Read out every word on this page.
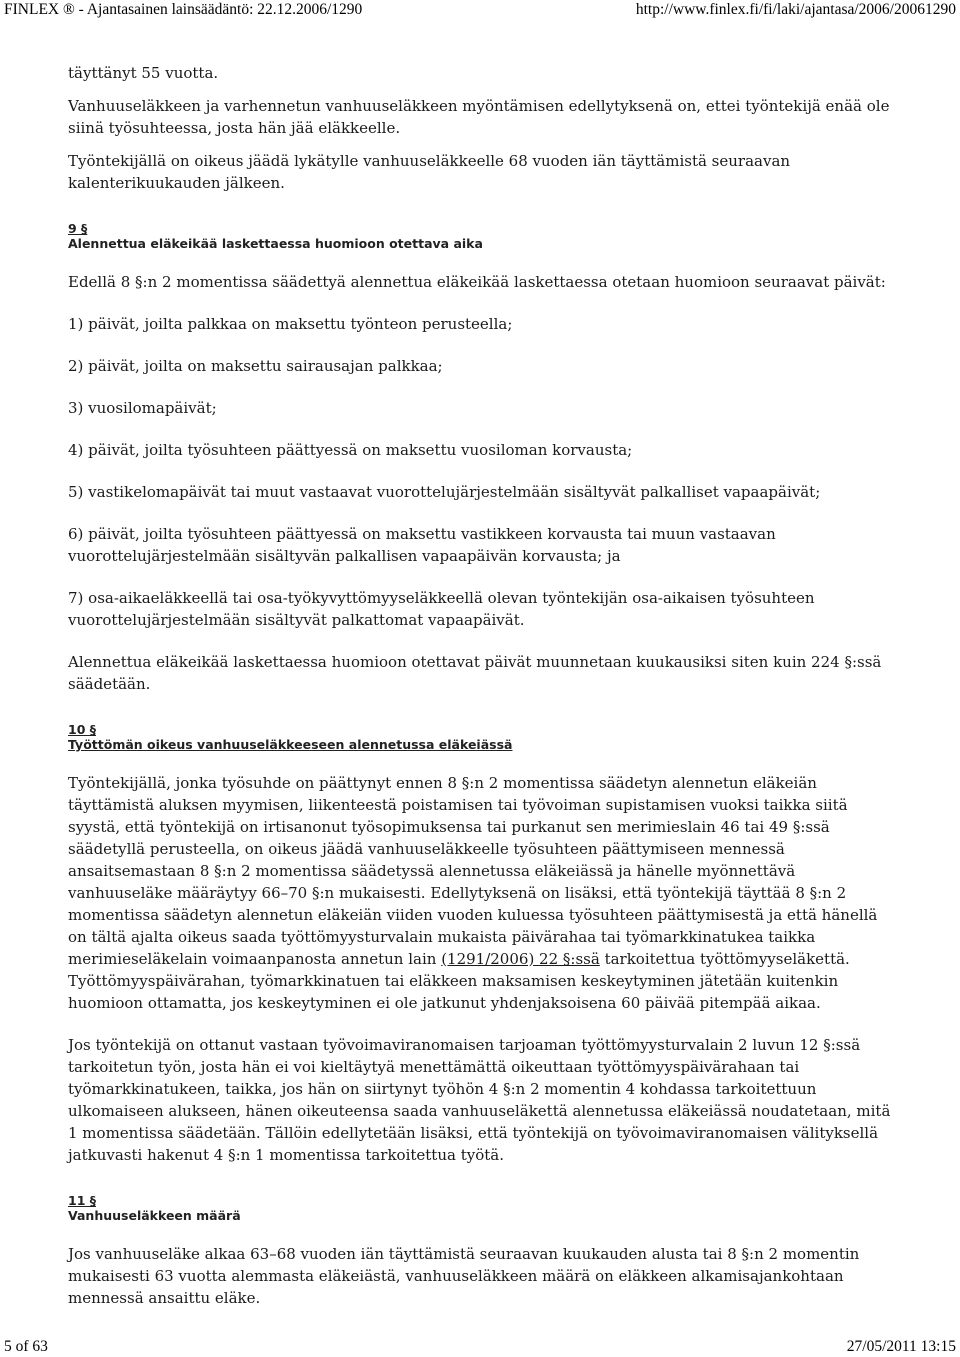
FINLEX ® - Ajantasainen lainsäädäntö: 22.12.2006/1290	http://www.finlex.fi/fi/laki/ajantasa/2006/20061290

täyttänyt 55 vuotta.

Vanhuuseläkkeen ja varhennetun vanhuuseläkkeen myöntämisen edellytyksenä on, ettei työntekijä enää ole siinä työsuhteessa, josta hän jää eläkkeelle.

Työntekijällä on oikeus jäädä lykätylle vanhuuseläkkeelle 68 vuoden iän täyttämistä seuraavan kalenterikuukauden jälkeen.

9 §

Alennettua eläkeikää laskettaessa huomioon otettava aika

Edellä 8 §:n 2 momentissa säädettyä alennettua eläkeikää laskettaessa otetaan huomioon seuraavat päivät:

1) päivät, joilta palkkaa on maksettu työnteon perusteella;

2) päivät, joilta on maksettu sairausajan palkkaa;

3) vuosilomapäivät;

4) päivät, joilta työsuhteen päättyessä on maksettu vuosiloman korvausta;

5) vastikelomapäivät tai muut vastaavat vuorottelujärjestelmään sisältyvät palkalliset vapaapäivät;

6) päivät, joilta työsuhteen päättyessä on maksettu vastikkeen korvausta tai muun vastaavan vuorottelujärjestelmään sisältyvän palkallisen vapaapäivän korvausta; ja

7) osa-aikaeläkkeellä tai osa-työkyvyttömyyseläkkeellä olevan työntekijän osa-aikaisen työsuhteen vuorottelujärjestelmään sisältyvät palkattomat vapaapäivät.

Alennettua eläkeikää laskettaessa huomioon otettavat päivät muunnetaan kuukausiksi siten kuin 224 §:ssä säädetään.

10 §

Työttömän oikeus vanhuuseläkkeeseen alennetussa eläkeiässä

Työntekijällä, jonka työsuhde on päättynyt ennen 8 §:n 2 momentissa säädetyn alennetun eläkeiän täyttämistä aluksen myymisen, liikenteestä poistamisen tai työvoiman supistamisen vuoksi taikka siitä syystä, että työntekijä on irtisanonut työsopimuksensa tai purkanut sen merimieslain 46 tai 49 §:ssä säädetyllä perusteella, on oikeus jäädä vanhuuseläkkeelle työsuhteen päättymiseen mennessä ansaitsemastaan 8 §:n 2 momentissa säädetyssä alennetussa eläkeiässä ja hänelle myönnettävä vanhuuseläke määräytyy 66–70 §:n mukaisesti. Edellytyksenä on lisäksi, että työntekijä täyttää 8 §:n 2 momentissa säädetyn alennetun eläkeiän viiden vuoden kuluessa työsuhteen päättymisestä ja että hänellä on tältä ajalta oikeus saada työttömyysturvalain mukaista päivärahaa tai työmarkkinatukea taikka merimieseläkelain voimaanpanosta annetun lain (1291/2006) 22 §:ssä tarkoitettua työttömyyseläkettä. Työttömyyspäivärahan, työmarkkinatuen tai eläkkeen maksamisen keskeytyminen jätetään kuitenkin huomioon ottamatta, jos keskeytyminen ei ole jatkunut yhdenjaksoisena 60 päivää pitempää aikaa.

Jos työntekijä on ottanut vastaan työvoimaviranomaisen tarjoaman työttömyysturvalain 2 luvun 12 §:ssä tarkoitetun työn, josta hän ei voi kieltäytyä menettämättä oikeuttaan työttömyyspäivärahaan tai työmarkkinatukeen, taikka, jos hän on siirtynyt työhön 4 §:n 2 momentin 4 kohdassa tarkoitettuun ulkomaiseen alukseen, hänen oikeuteensa saada vanhuuseläkettä alennetussa eläkeiässä noudatetaan, mitä 1 momentissa säädetään. Tällöin edellytetään lisäksi, että työntekijä on työvoimaviranomaisen välityksellä jatkuvasti hakenut 4 §:n 1 momentissa tarkoitettua työtä.

11 §

Vanhuuseläkkeen määrä

Jos vanhuuseläke alkaa 63–68 vuoden iän täyttämistä seuraavan kuukauden alusta tai 8 §:n 2 momentin mukaisesti 63 vuotta alemmasta eläkeiästä, vanhuuseläkkeen määrä on eläkkeen alkamisajankohtaan mennessä ansaittu eläke.

5 of 63	27/05/2011 13:15
